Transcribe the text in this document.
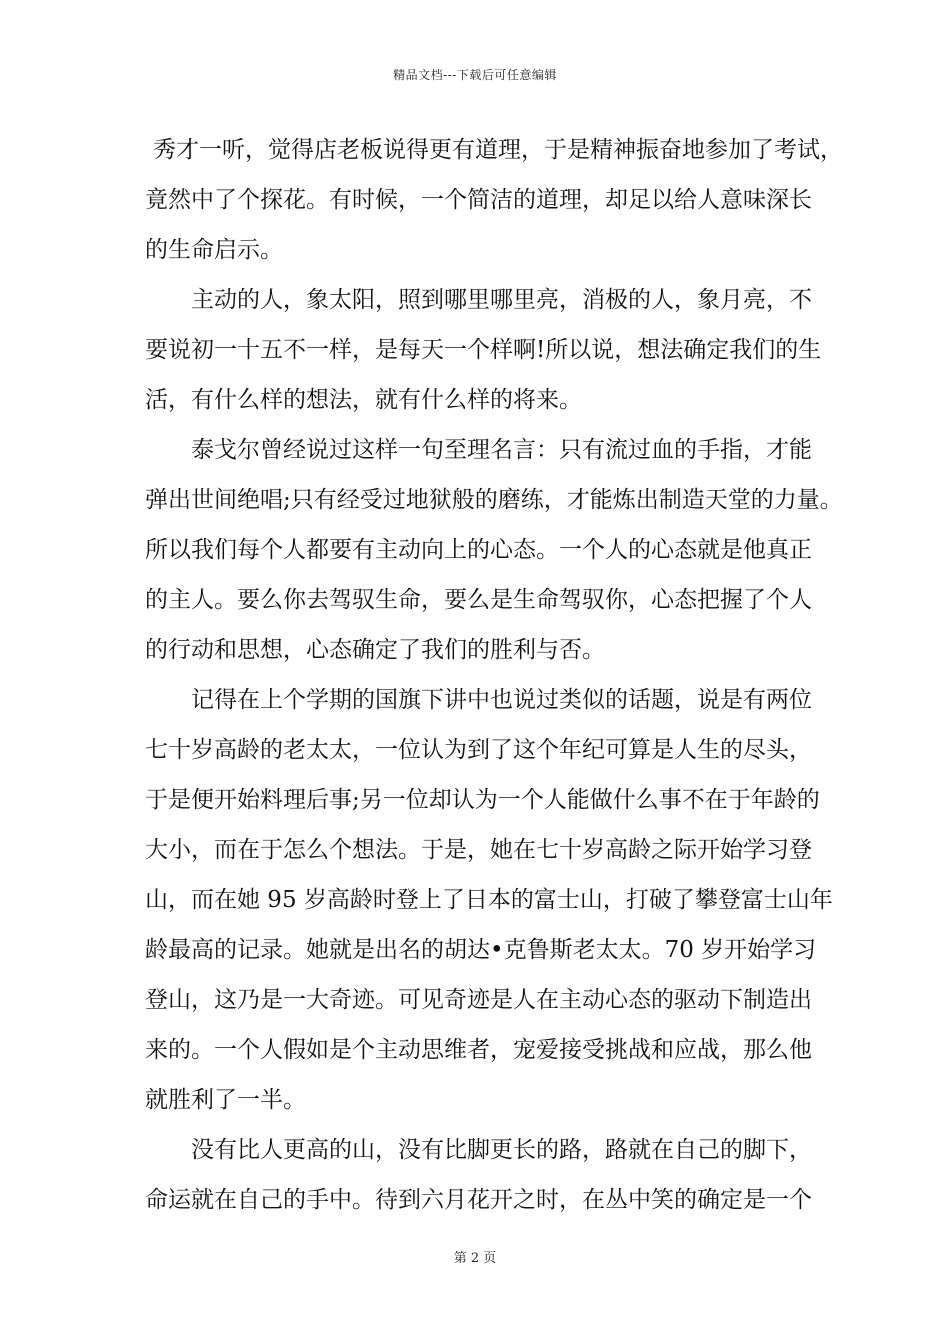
精品文档---下载后可任意编辑
秀才一听，觉得店老板说得更有道理，于是精神振奋地参加了考试，
竟然中了个探花。有时候，一个简洁的道理，却足以给人意味深长
的生命启示。
主动的人，象太阳，照到哪里哪里亮，消极的人，象月亮，不
要说初一十五不一样，是每天一个样啊!所以说，想法确定我们的生
活，有什么样的想法，就有什么样的将来。
泰戈尔曾经说过这样一句至理名言：只有流过血的手指，才能
弹出世间绝唱;只有经受过地狱般的磨练，才能炼出制造天堂的力量。
所以我们每个人都要有主动向上的心态。一个人的心态就是他真正
的主人。要么你去驾驭生命，要么是生命驾驭你，心态把握了个人
的行动和思想，心态确定了我们的胜利与否。
记得在上个学期的国旗下讲中也说过类似的话题，说是有两位
七十岁高龄的老太太，一位认为到了这个年纪可算是人生的尽头，
于是便开始料理后事;另一位却认为一个人能做什么事不在于年龄的
大小，而在于怎么个想法。于是，她在七十岁高龄之际开始学习登
山，而在她 95 岁高龄时登上了日本的富士山，打破了攀登富士山年
龄最高的记录。她就是出名的胡达•克鲁斯老太太。70 岁开始学习
登山，这乃是一大奇迹。可见奇迹是人在主动心态的驱动下制造出
来的。一个人假如是个主动思维者，宠爱接受挑战和应战，那么他
就胜利了一半。
没有比人更高的山，没有比脚更长的路，路就在自己的脚下，
命运就在自己的手中。待到六月花开之时，在丛中笑的确定是一个
第 2 页
